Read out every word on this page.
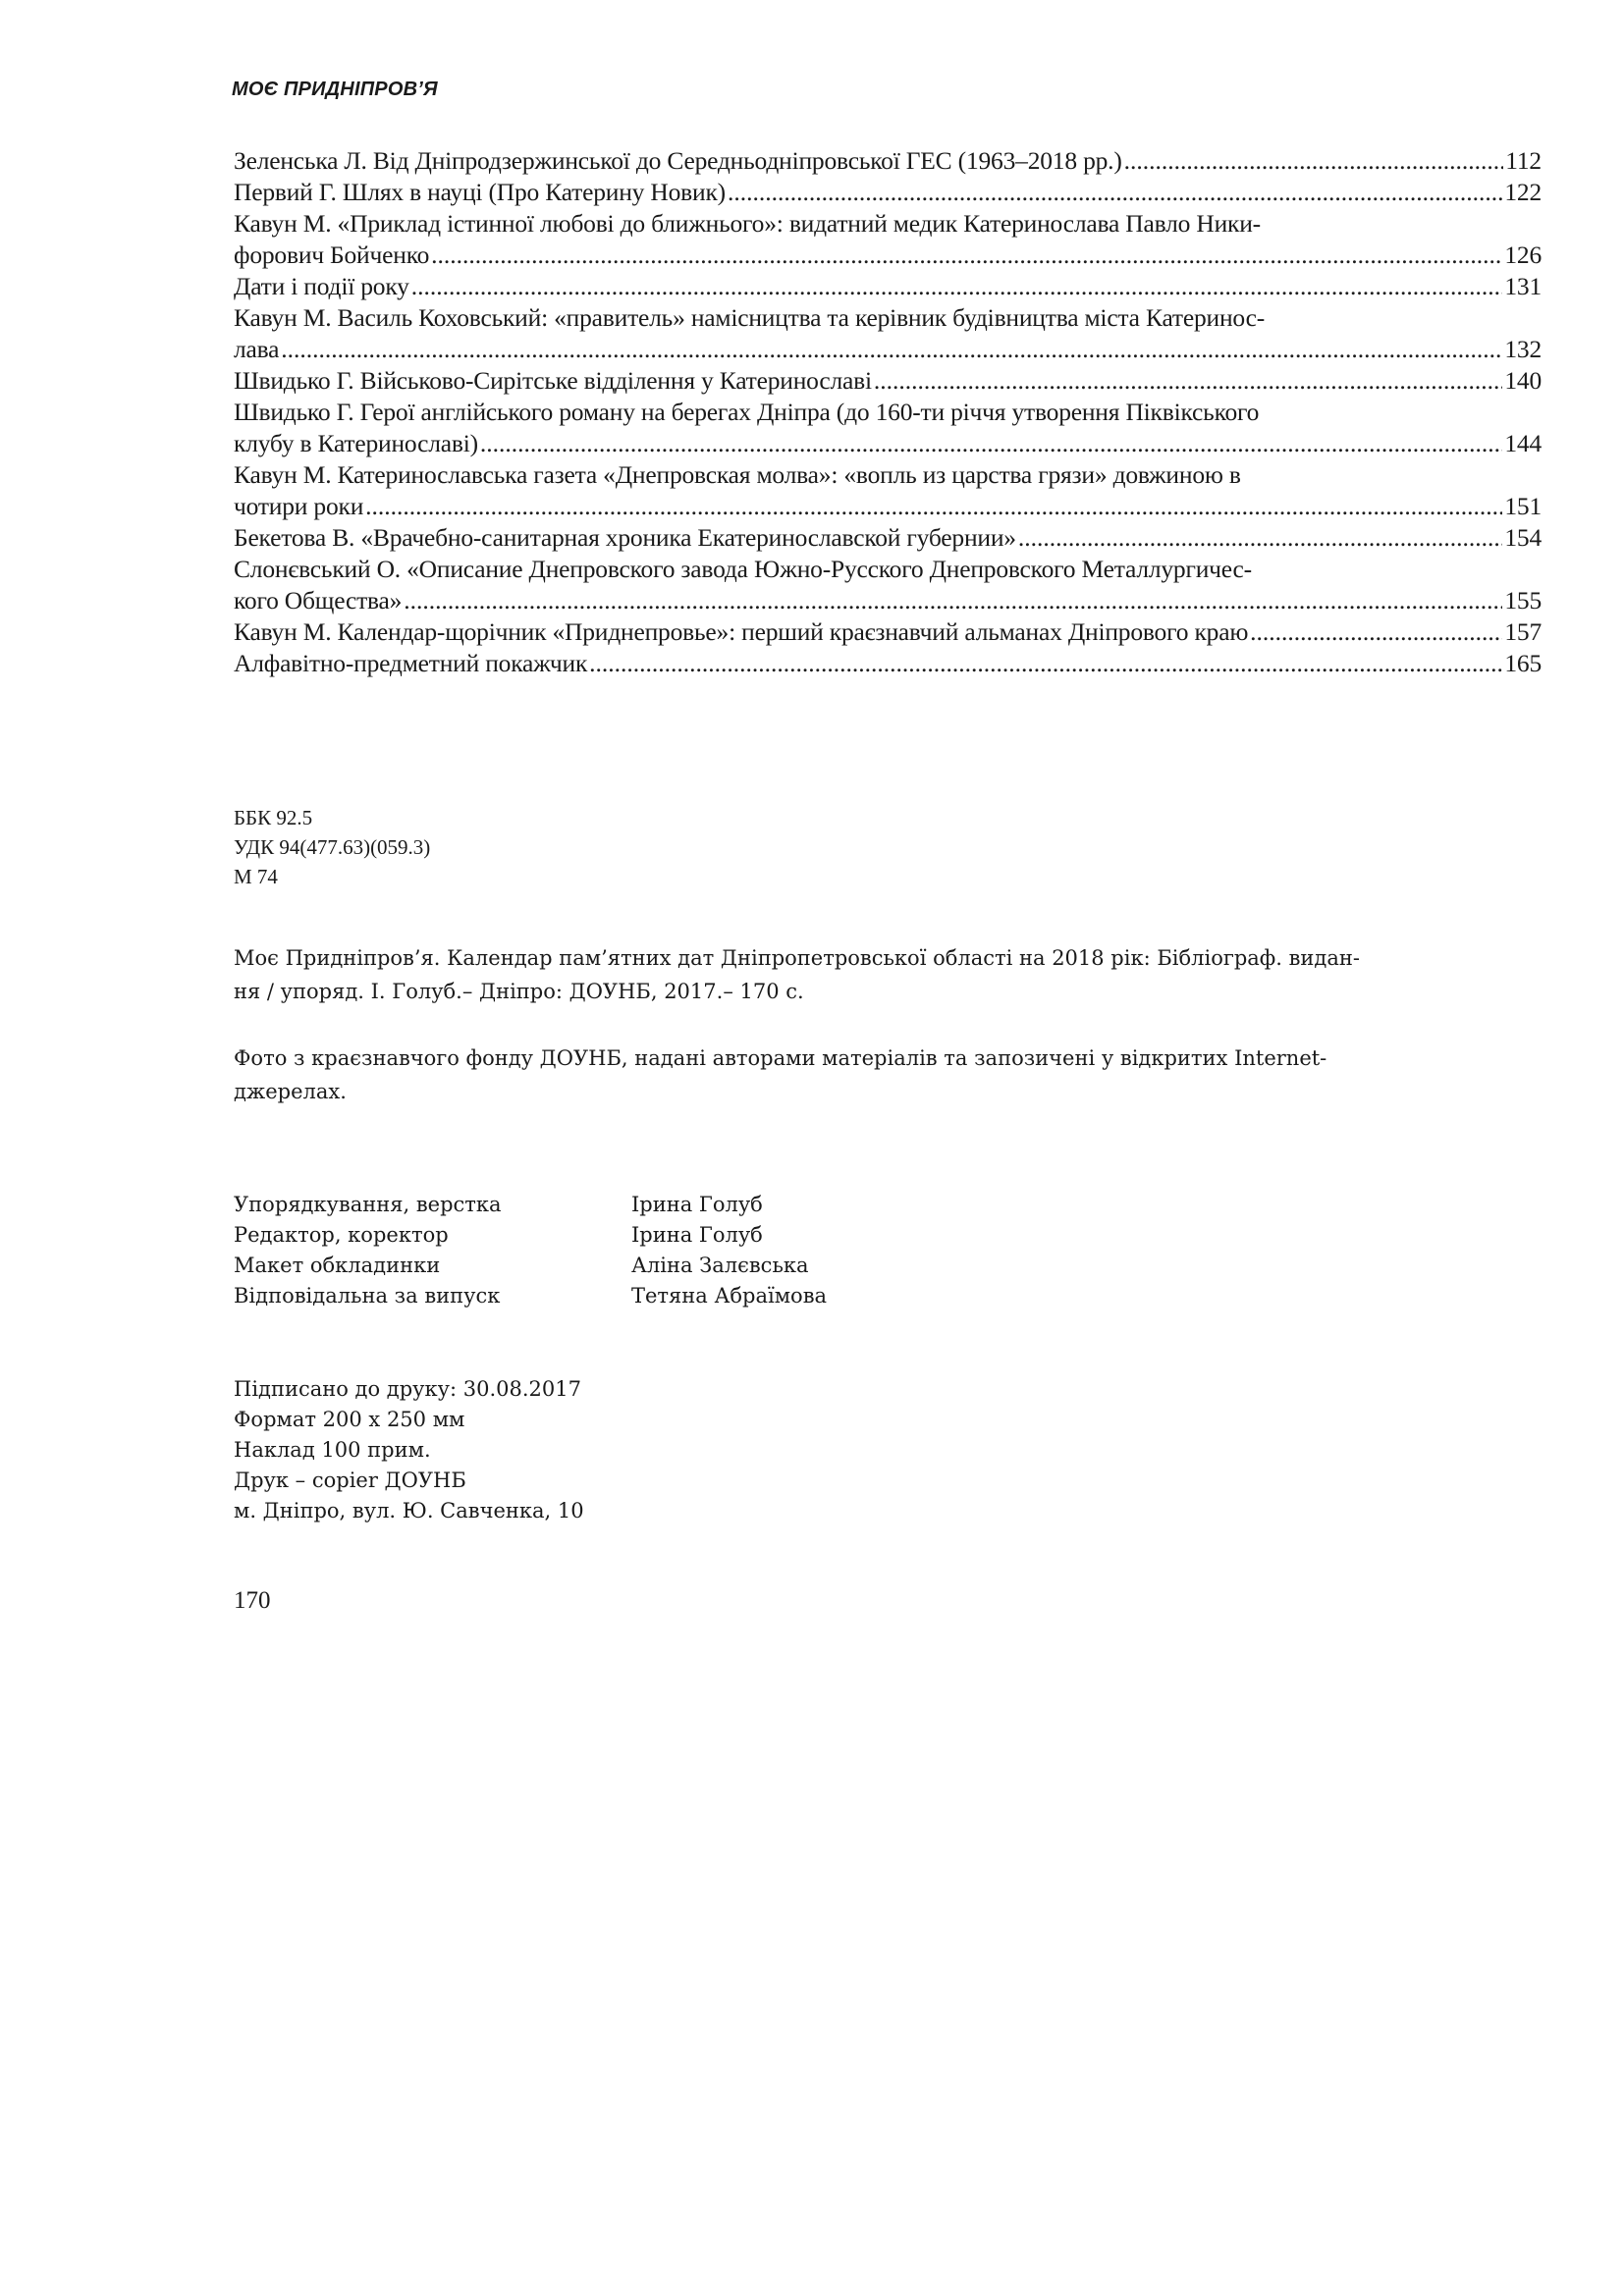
МОЄ ПРИДНІПРОВ’Я
Зеленська Л. Від Дніпродзержинської до Середньодніпровської ГЕС (1963–2018 рр.) .....	112
Первий Г. Шлях в науці (Про Катерину Новик) .....	122
Кавун М. «Приклад істинної любові до ближнього»: видатний медик Катеринослава Павло Ники-
форович Бойченко .....	126
Дати і події року .....	131
Кавун М. Василь Коховський: «правитель» намісництва та керівник будівництва міста Катеринос-
лава .....	132
Швидько Г. Військово-Сирітське відділення у Катеринославі .....	140
Швидько Г. Герої англійського роману на берегах Дніпра (до 160-ти річчя утворення Піквікського
клубу в Катеринославі) .....	144
Кавун М. Катеринославська газета «Днепровская молва»: «вопль из царства грязи» довжиною в
чотири роки .....	151
Бекетова В. «Врачебно-санитарная хроника Екатеринославской губернии» .....	154
Слонєвський О. «Описание Днепровского завода Южно-Русского Днепровского Металлургичес-
кого Общества» .....	155
Кавун М. Календар-щорічник «Приднепровье»: перший краєзнавчий альманах Дніпрового краю .....	157
Алфавітно-предметний покажчик .....	165
ББК 92.5
УДК 94(477.63)(059.3)
М 74

Моє Придніпров’я. Календар пам’ятних дат Дніпропетровської області на 2018 рік: Бібліограф. видан-
ня / упоряд. І. Голуб.– Дніпро: ДОУНБ, 2017.– 170 с.

Фото з краєзнавчого фонду ДОУНБ, надані авторами матеріалів та запозичені у відкритих Internet-
джерелах.

Упорядкування, верстка	Ірина Голуб
Редактор, коректор	Ірина Голуб
Макет обкладинки	Аліна Залєвська
Відповідальна за випуск	Тетяна Абраїмова
Підписано до друку: 30.08.2017
Формат 200 х 250 мм
Наклад 100 прим.
Друк – copier ДОУНБ
м. Дніпро, вул. Ю. Савченка, 10
170
